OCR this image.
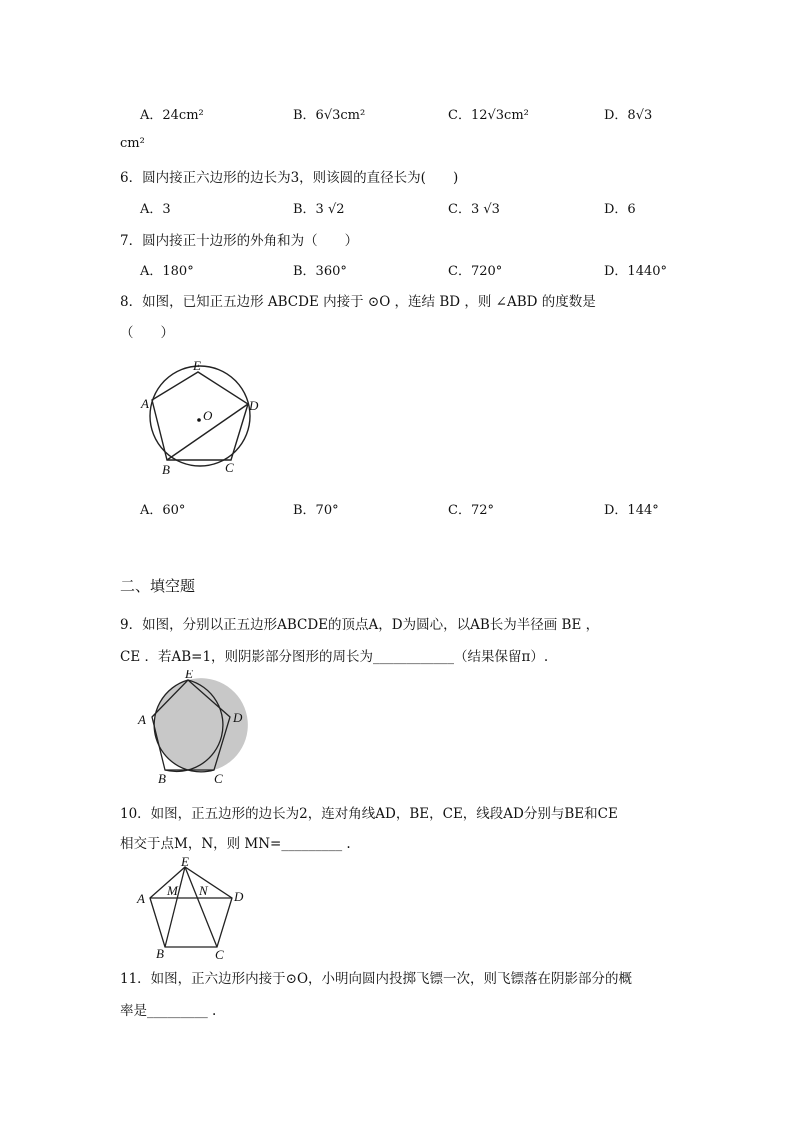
A．24cm²	B．6√3cm²	C．12√3cm²	D．8√3
cm²
6．圆内接正六边形的边长为3，则该圆的直径长为(　　)
A．3	B．3 √2	C．3 √3	D．6
7．圆内接正十边形的外角和为（　　）
A．180°	B．360°	C．720°	D．1440°
8．如图，已知正五边形 ABCDE 内接于 ⊙O ，连结 BD ，则 ∠ABD 的度数是
（　　）
E
A	D
O
B	C
A．60°	B．70°	C．72°	D．144°
二、填空题
9．如图，分别以正五边形ABCDE的顶点A，D为圆心，以AB长为半径画 BE ，
CE ．若AB=1，则阴影部分图形的周长为____________（结果保留π）.
E
A	D
B	C
10．如图，正五边形的边长为2，连对角线AD，BE，CE，线段AD分别与BE和CE
相交于点M，N，则 MN=_________ .
E
A
M N D
B	C
11．如图，正六边形内接于⊙O，小明向圆内投掷飞镖一次，则飞镖落在阴影部分的概
率是_________ .
